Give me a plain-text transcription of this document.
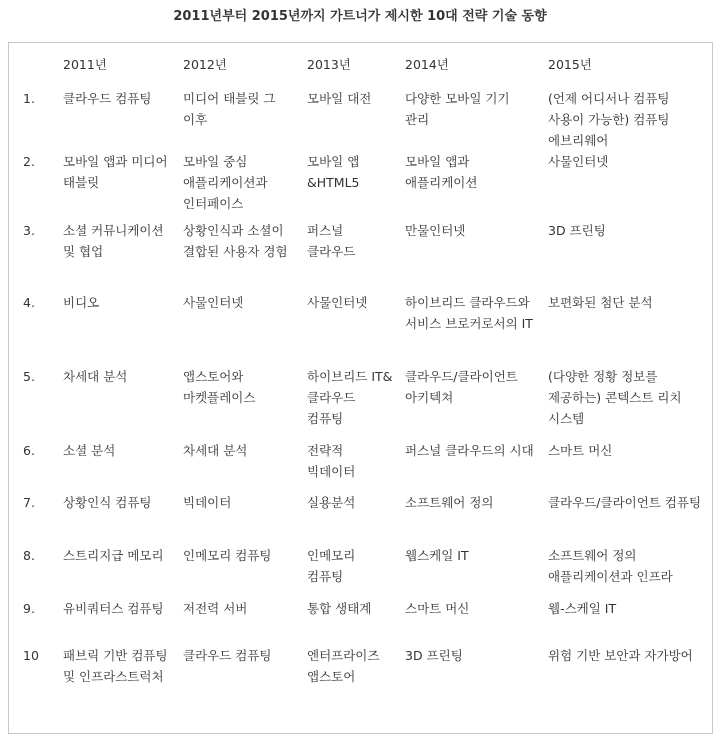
2011년부터 2015년까지 가트너가 제시한 10대 전략 기술 동향
	2011년	2012년	2013년	2014년	2015년
1.	클라우드 컴퓨팅	미디어 태블릿 그 이후	모바일 대전	다양한 모바일 기기 관리	(언제 어디서나 컴퓨팅 사용이 가능한) 컴퓨팅 에브리웨어
2.	모바일 앱과 미디어 태블릿	모바일 중심 애플리케이션과 인터페이스	모바일 앱 &HTML5	모바일 앱과 애플리케이션	사물인터넷
3.	소셜 커뮤니케이션 및 협업	상황인식과 소셜이 결합된 사용자 경험	퍼스널 클라우드	만물인터넷	3D 프린팅
4.	비디오	사물인터넷	사물인터넷	하이브리드 클라우드와 서비스 브로커로서의 IT	보편화된 첨단 분석
5.	차세대 분석	앱스토어와 마켓플레이스	하이브리드 IT&클라우드 컴퓨팅	클라우드/클라이언트 아키텍쳐	(다양한 정황 정보를 제공하는) 콘텍스트 리치 시스템
6.	소셜 분석	차세대 분석	전략적 빅데이터	퍼스널 클라우드의 시대	스마트 머신
7.	상황인식 컴퓨팅	빅데이터	실용분석	소프트웨어 정의	클라우드/클라이언트 컴퓨팅
8.	스트리지급 메모리	인메모리 컴퓨팅	인메모리 컴퓨팅	웹스케일 IT	소프트웨어 정의 애플리케이션과 인프라
9.	유비쿼터스 컴퓨팅	저전력 서버	통합 생태계	스마트 머신	웹-스케일 IT
10	패브릭 기반 컴퓨팅 및 인프라스트럭처	클라우드 컴퓨팅	엔터프라이즈 앱스토어	3D 프린팅	위험 기반 보안과 자가방어
